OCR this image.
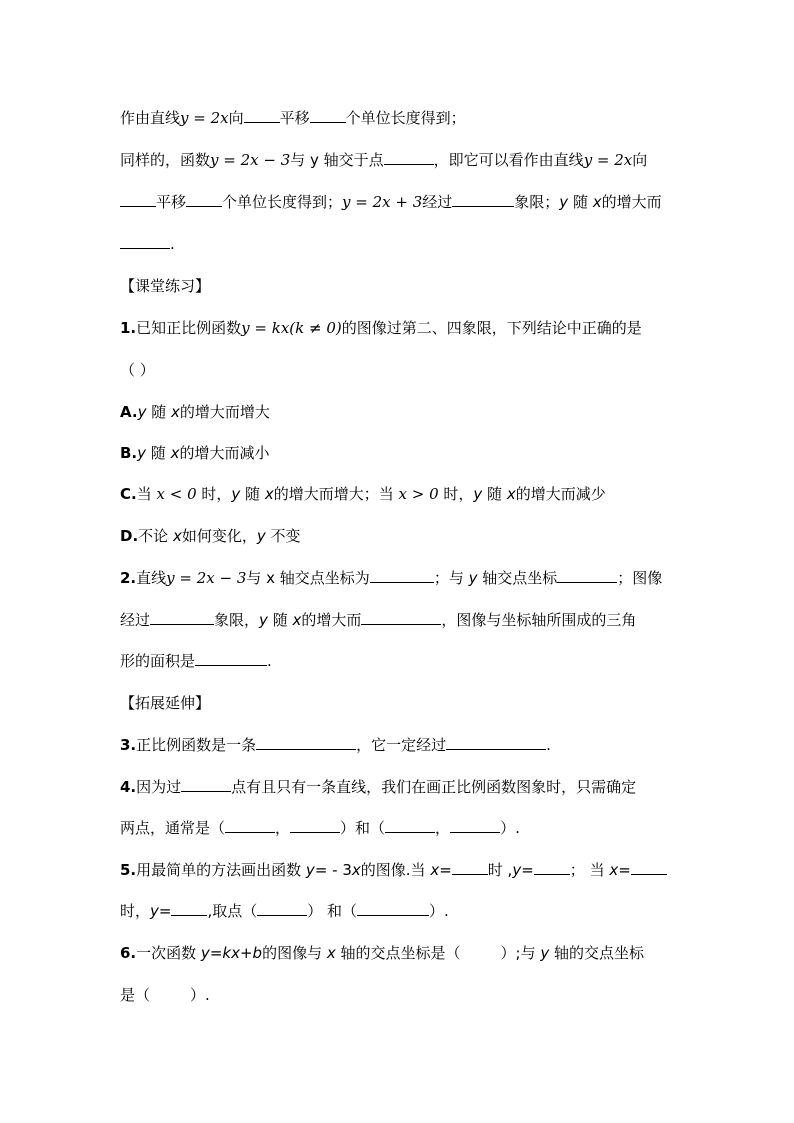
作由直线y = 2x向 平移 个单位长度得到；
同样的，函数y = 2x − 3与 y 轴交于点	，即它可以看作由直线y = 2x向
平移 个单位长度得到；y = 2x + 3经过	象限；y 随 x的增大而
.
【课堂练习】
1.已知正比例函数y = kx(k ≠ 0)的图像过第二、四象限，下列结论中正确的是
（ ）
A.y 随 x的增大而增大
B.y 随 x的增大而减小
C.当 x < 0 时，y 随 x的增大而增大；当 x > 0 时，y 随 x的增大而减少
D.不论 x如何变化，y 不变
2.直线y = 2x − 3与 x 轴交点坐标为	；与 y 轴交点坐标	；图像
经过	象限，y 随 x的增大而	，图像与坐标轴所围成的三角
形的面积是	.
【拓展延伸】
3.正比例函数是一条	，它一定经过	.
4.因为过	点有且只有一条直线，我们在画正比例函数图象时，只需确定
两点，通常是（	，	）和（	，	）.
5.用最简单的方法画出函数 y= - 3x的图像.当 x= 时 ,y= ； 当 x=
时，y= ,取点（	） 和（	）.
6.一次函数 y=kx+b的图像与 x 轴的交点坐标是（	）;与 y 轴的交点坐标
是（	）.
